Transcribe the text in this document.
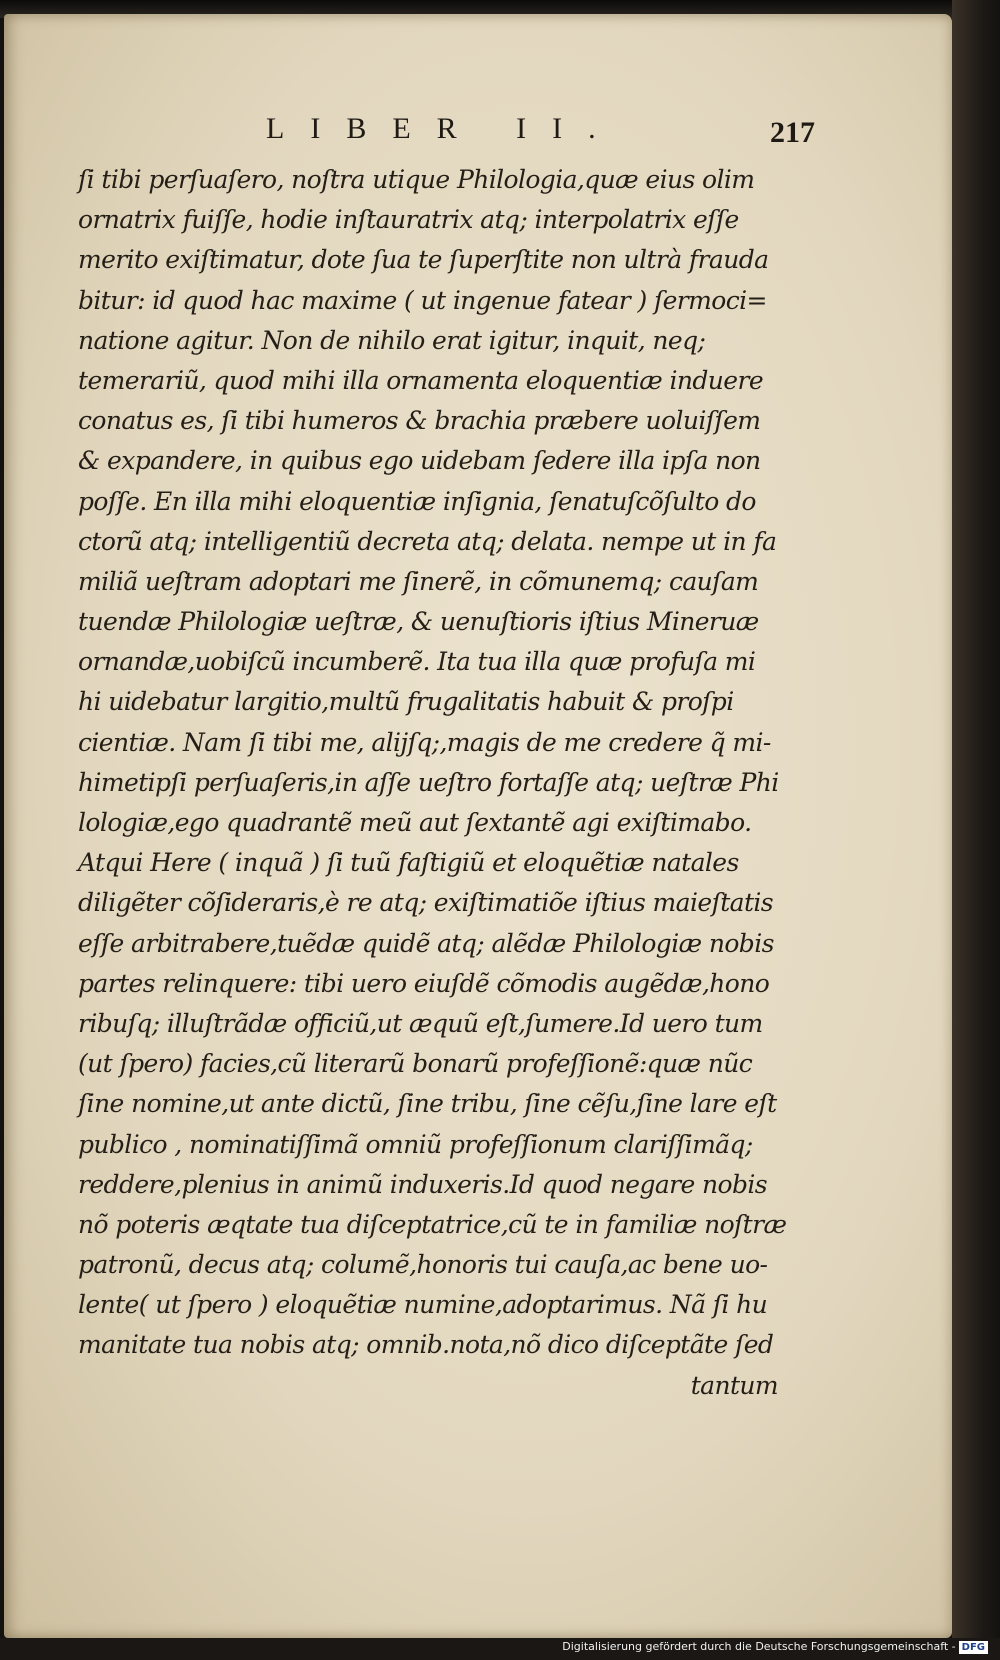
LIBER II.	217
ſi tibi perſuaſero, noſtra utique Philologia,quæ eius olim
ornatrix fuiſſe, hodie inſtauratrix atq; interpolatrix eſſe
merito exiſtimatur, dote ſua te ſuperſtite non ultrà frauda
bitur: id quod hac maxime ( ut ingenue fatear ) ſermoci=
natione agitur. Non de nihilo erat igitur, inquit, neq;
temerariũ, quod mihi illa ornamenta eloquentiæ induere
conatus es, ſi tibi humeros & brachia præbere uoluiſſem
& expandere, in quibus ego uidebam ſedere illa ipſa non
poſſe. En illa mihi eloquentiæ inſignia, ſenatuſcõſulto do
ctorũ atq; intelligentiũ decreta atq; delata. nempe ut in fa
miliã ueſtram adoptari me ſinerẽ, in cõmunemq; cauſam
tuendæ Philologiæ ueſtræ, & uenuſtioris iſtius Mineruæ
ornandæ,uobiſcũ incumberẽ. Ita tua illa quæ profuſa mi
hi uidebatur largitio,multũ frugalitatis habuit & proſpi
cientiæ. Nam ſi tibi me, alijſq;,magis de me credere q̃ mi-
himetipſi perſuaſeris,in aſſe ueſtro fortaſſe atq; ueſtræ Phi
lologiæ,ego quadrantẽ meũ aut ſextantẽ agi exiſtimabo.
Atqui Here ( inquã ) ſi tuũ faſtigiũ et eloquẽtiæ natales
diligẽter cõſideraris,è re atq; exiſtimatiõe iſtius maieſtatis
eſſe arbitrabere,tuẽdæ quidẽ atq; alẽdæ Philologiæ nobis
partes relinquere: tibi uero eiuſdẽ cõmodis augẽdæ,hono
ribuſq; illuſtrãdæ officiũ,ut æquũ eſt,ſumere.Id uero tum
(ut ſpero) facies,cũ literarũ bonarũ profeſſionẽ:quæ nũc
ſine nomine,ut ante dictũ, ſine tribu, ſine cẽſu,ſine lare eſt
publico , nominatiſſimã omniũ profeſſionum clariſſimãq;
reddere,plenius in animũ induxeris.Id quod negare nobis
nõ poteris æqtate tua diſceptatrice,cũ te in familiæ noſtræ
patronũ, decus atq; columẽ,honoris tui cauſa,ac bene uo-
lente( ut ſpero ) eloquẽtiæ numine,adoptarimus. Nã ſi hu
manitate tua nobis atq; omnib.nota,nõ dico diſceptãte ſed
tantum
Digitalisierung gefördert durch die Deutsche Forschungsgemeinschaft - DFG
